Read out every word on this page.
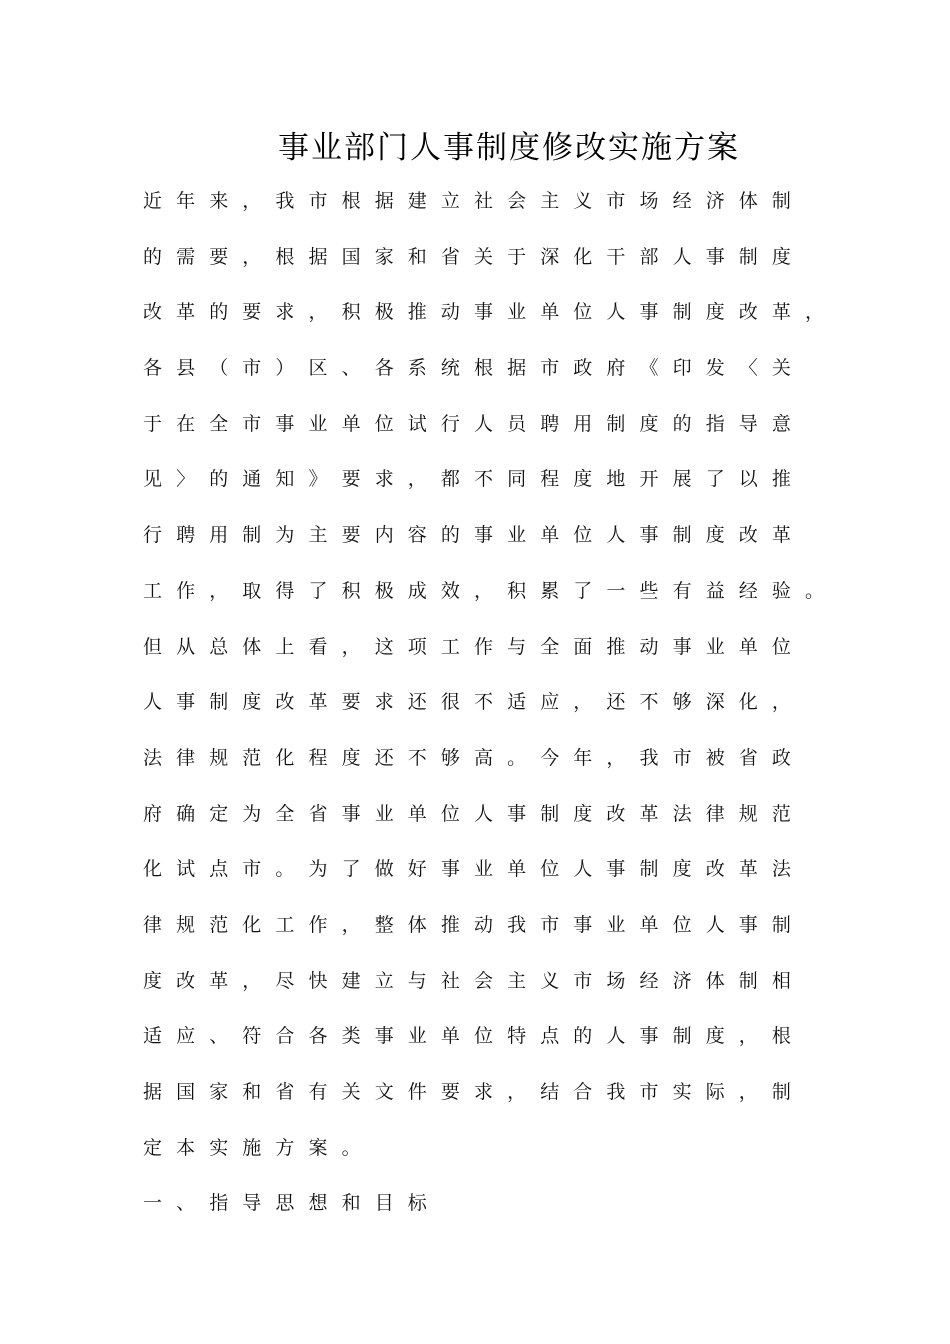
事业部门人事制度修改实施方案
近年来，我市根据建立社会主义市场经济体制
的需要，根据国家和省关于深化干部人事制度
改革的要求，积极推动事业单位人事制度改革，
各县（市）区、各系统根据市政府《印发〈关
于在全市事业单位试行人员聘用制度的指导意
见〉的通知》要求，都不同程度地开展了以推
行聘用制为主要内容的事业单位人事制度改革
工作，取得了积极成效，积累了一些有益经验。
但从总体上看，这项工作与全面推动事业单位
人事制度改革要求还很不适应，还不够深化，
法律规范化程度还不够高。今年，我市被省政
府确定为全省事业单位人事制度改革法律规范
化试点市。为了做好事业单位人事制度改革法
律规范化工作，整体推动我市事业单位人事制
度改革，尽快建立与社会主义市场经济体制相
适应、符合各类事业单位特点的人事制度，根
据国家和省有关文件要求，结合我市实际，制
定本实施方案。
一、指导思想和目标
